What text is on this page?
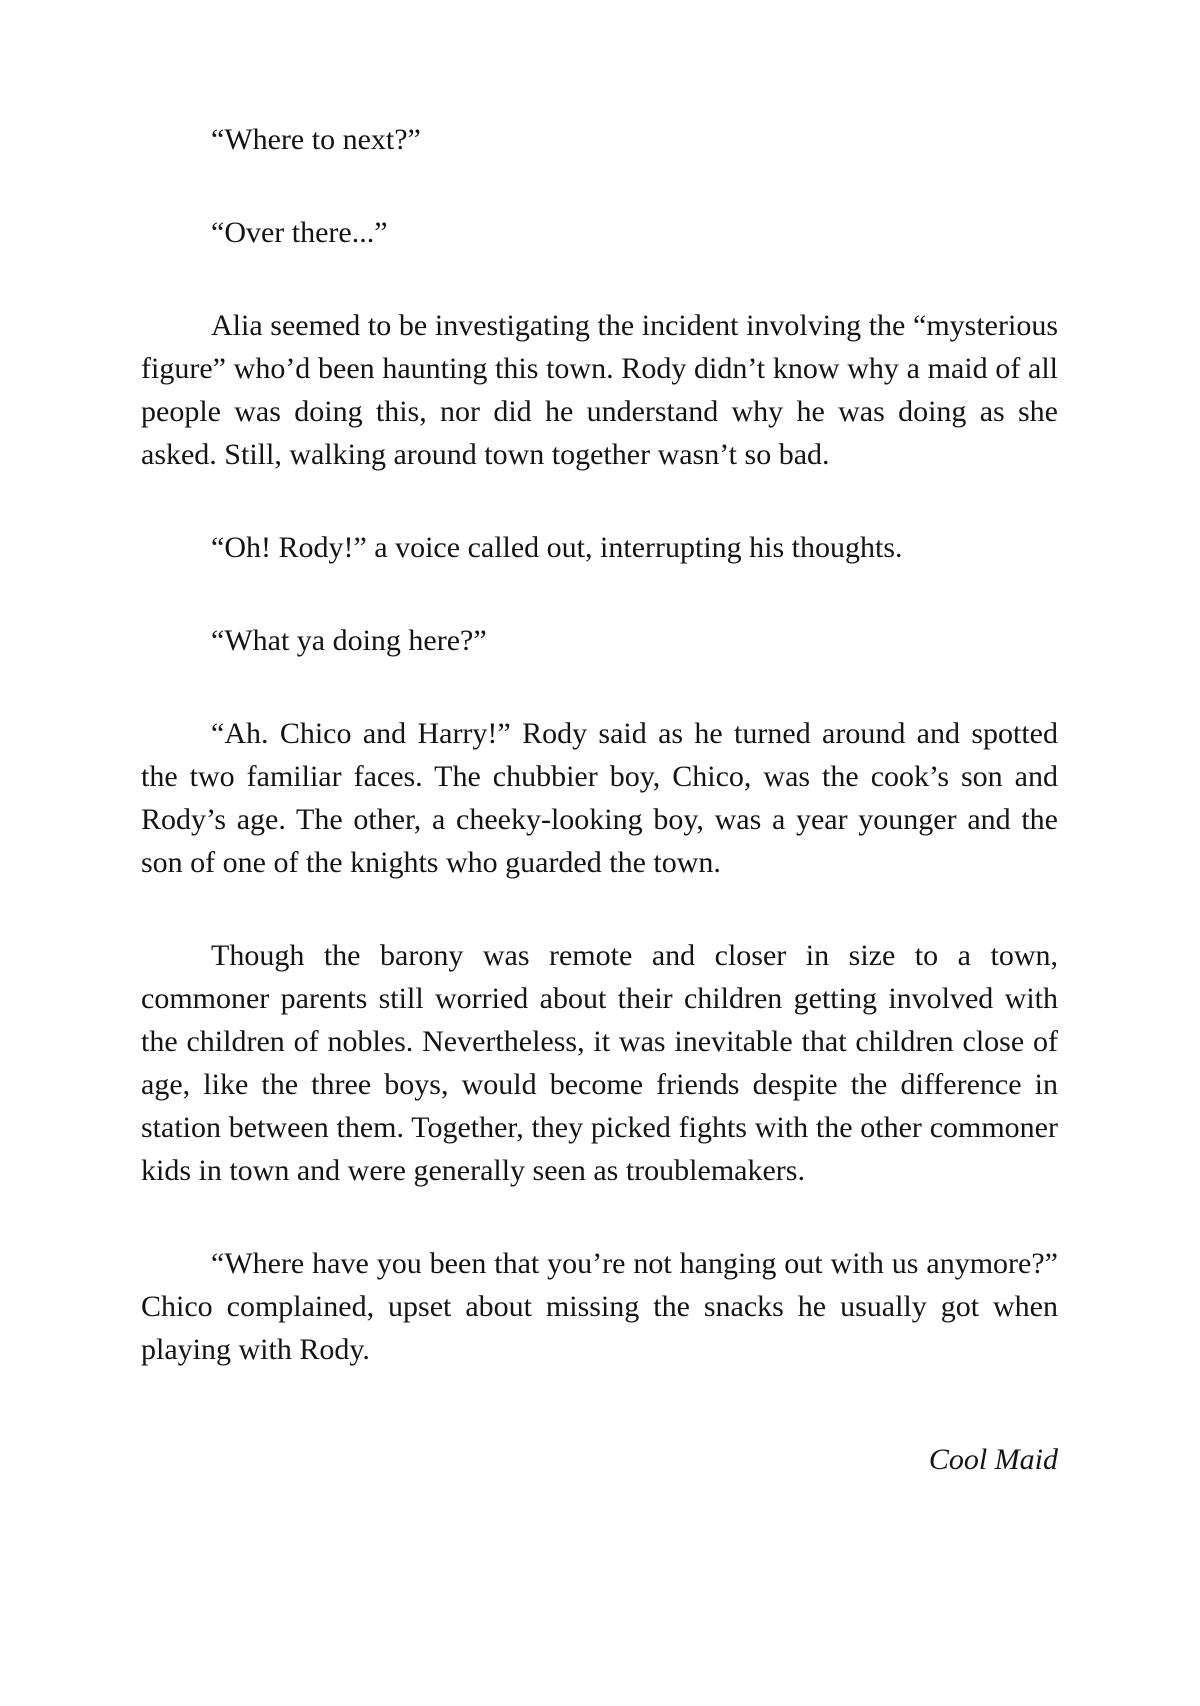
“Where to next?”

“Over there...”

Alia seemed to be investigating the incident involving the “mysterious figure” who’d been haunting this town. Rody didn’t know why a maid of all people was doing this, nor did he understand why he was doing as she asked. Still, walking around town together wasn’t so bad.

“Oh! Rody!” a voice called out, interrupting his thoughts.

“What ya doing here?”

“Ah. Chico and Harry!” Rody said as he turned around and spotted the two familiar faces. The chubbier boy, Chico, was the cook’s son and Rody’s age. The other, a cheeky-looking boy, was a year younger and the son of one of the knights who guarded the town.

Though the barony was remote and closer in size to a town, commoner parents still worried about their children getting involved with the children of nobles. Nevertheless, it was inevitable that children close of age, like the three boys, would become friends despite the difference in station between them. Together, they picked fights with the other commoner kids in town and were generally seen as troublemakers.

“Where have you been that you’re not hanging out with us anymore?” Chico complained, upset about missing the snacks he usually got when playing with Rody.

Cool Maid
